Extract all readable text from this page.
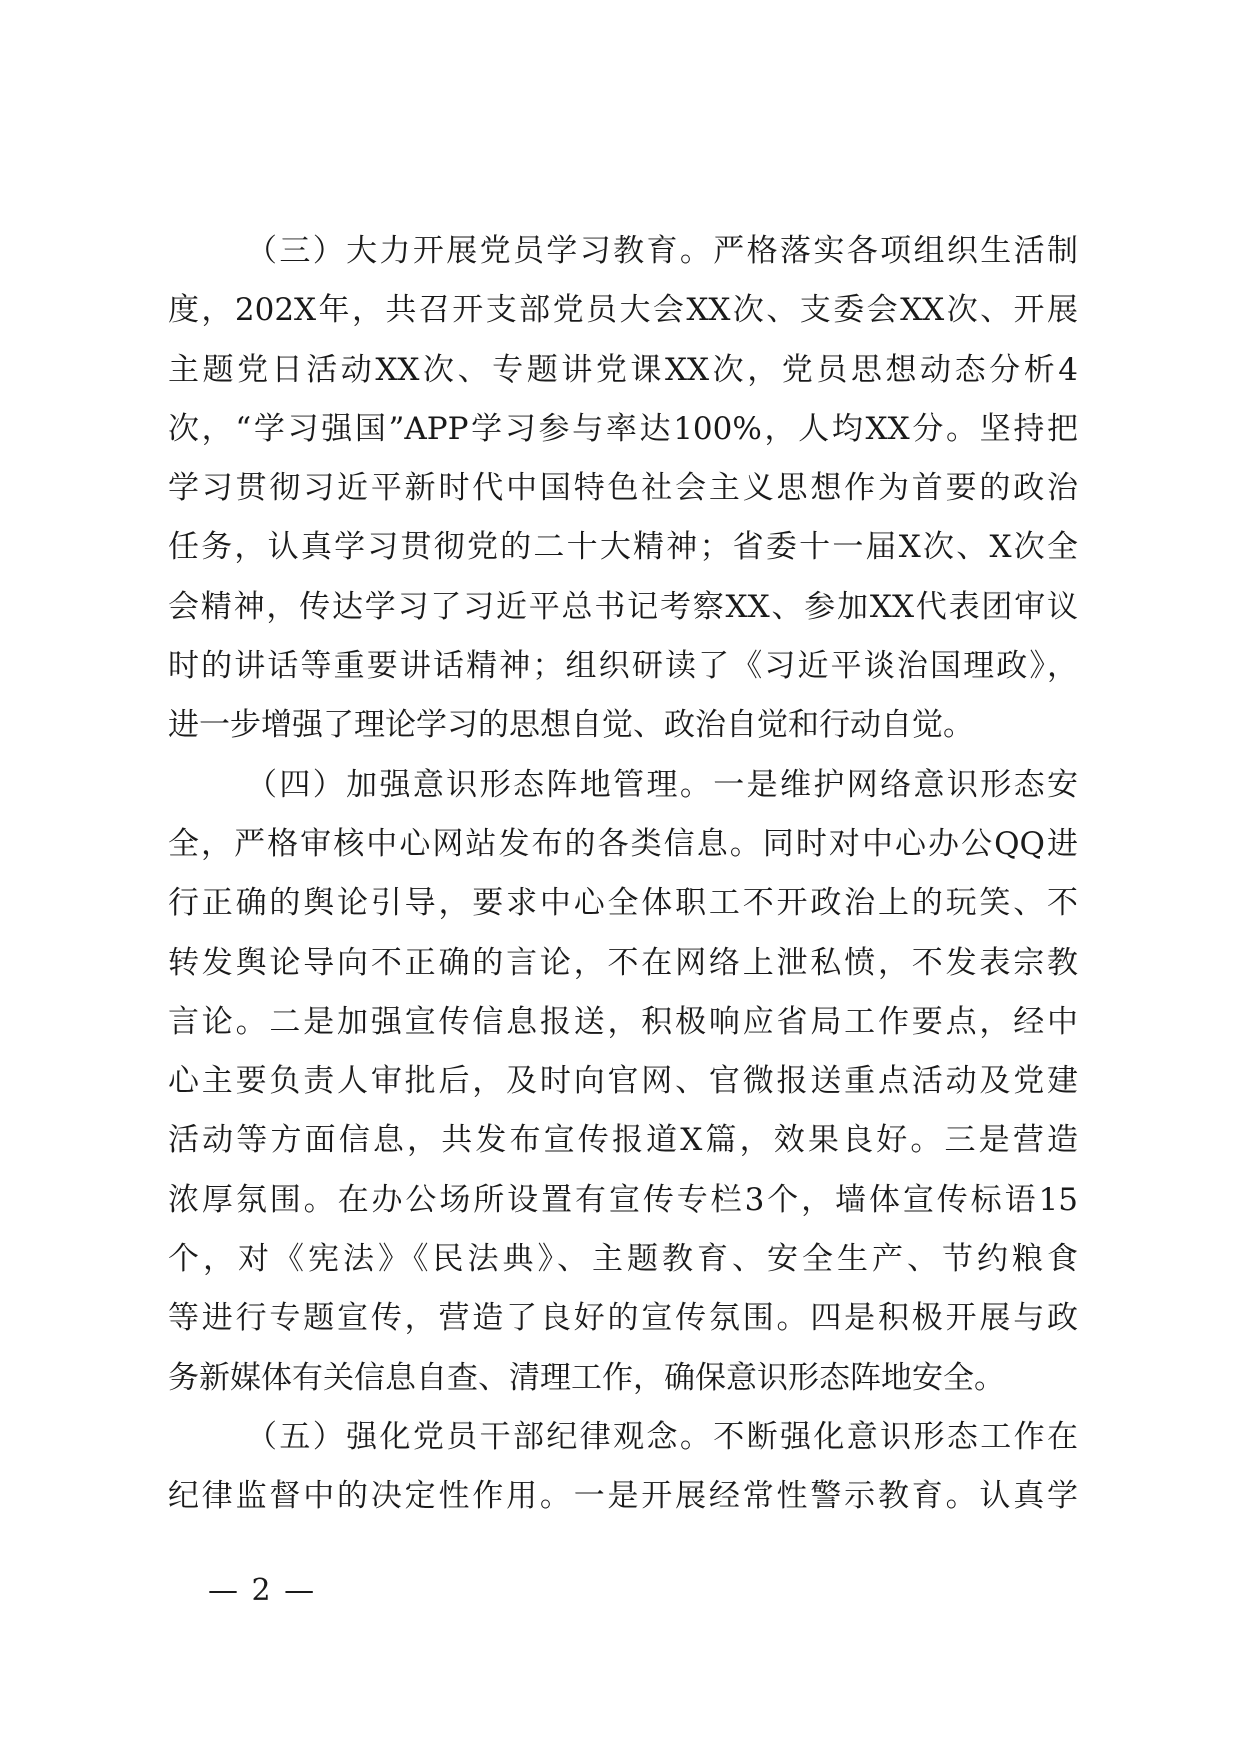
（三）大力开展党员学习教育。严格落实各项组织生活制
度，202X年，共召开支部党员大会XX次、支委会XX次、开展
主题党日活动XX次、专题讲党课XX次，党员思想动态分析4
次，“学习强国”APP学习参与率达100%，人均XX分。坚持把
学习贯彻习近平新时代中国特色社会主义思想作为首要的政治
任务，认真学习贯彻党的二十大精神；省委十一届X次、X次全
会精神，传达学习了习近平总书记考察XX、参加XX代表团审议
时的讲话等重要讲话精神；组织研读了《习近平谈治国理政》，
进一步增强了理论学习的思想自觉、政治自觉和行动自觉。
（四）加强意识形态阵地管理。一是维护网络意识形态安
全，严格审核中心网站发布的各类信息。同时对中心办公QQ进
行正确的舆论引导，要求中心全体职工不开政治上的玩笑、不
转发舆论导向不正确的言论，不在网络上泄私愤，不发表宗教
言论。二是加强宣传信息报送，积极响应省局工作要点，经中
心主要负责人审批后，及时向官网、官微报送重点活动及党建
活动等方面信息，共发布宣传报道X篇，效果良好。三是营造
浓厚氛围。在办公场所设置有宣传专栏3个，墙体宣传标语15
个，对《宪法》《民法典》、主题教育、安全生产、节约粮食
等进行专题宣传，营造了良好的宣传氛围。四是积极开展与政
务新媒体有关信息自查、清理工作，确保意识形态阵地安全。
（五）强化党员干部纪律观念。不断强化意识形态工作在
纪律监督中的决定性作用。一是开展经常性警示教育。认真学
— 2 —
